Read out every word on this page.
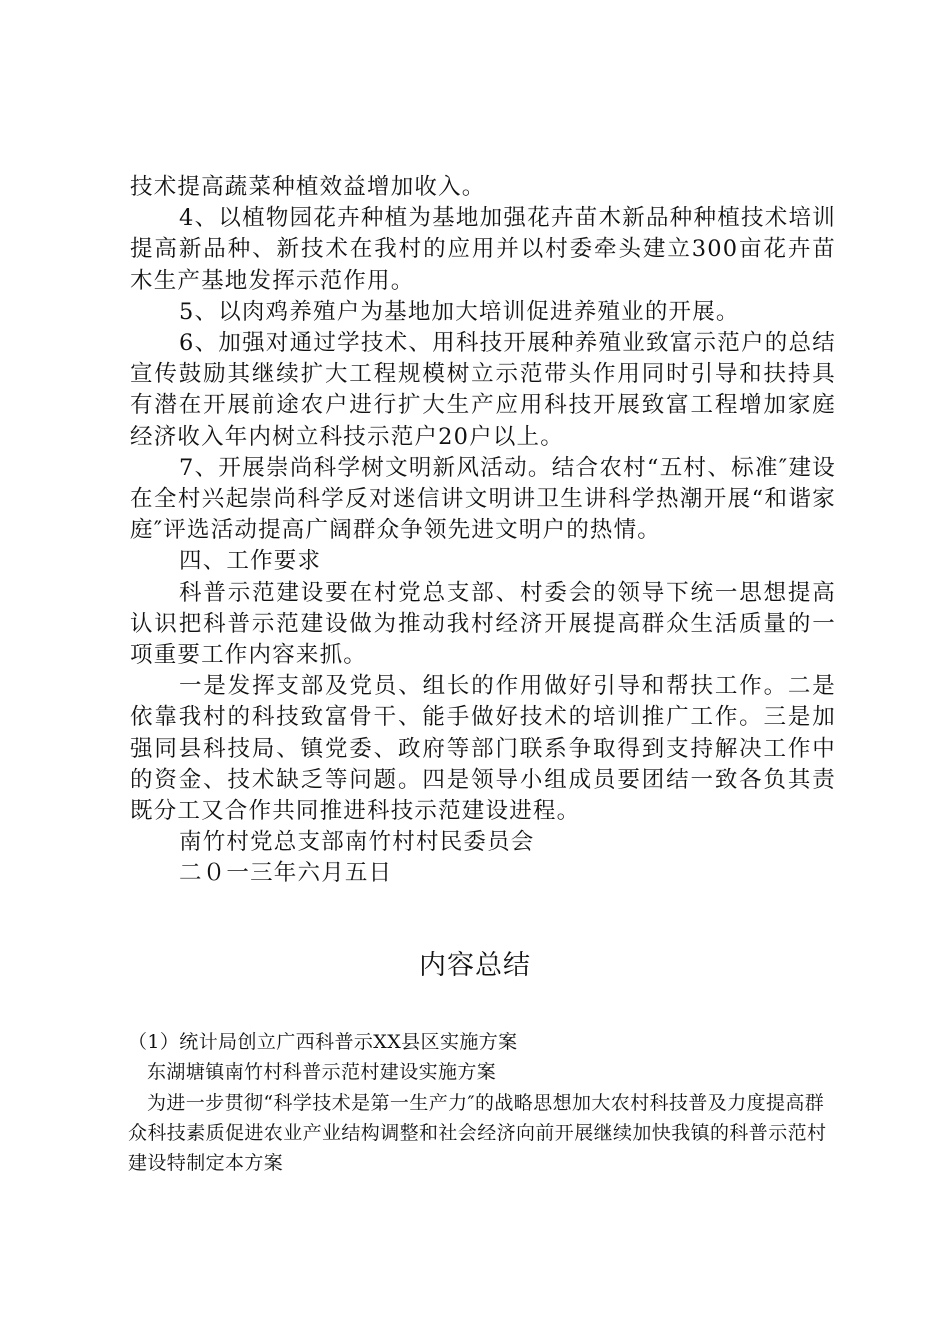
技术提高蔬菜种植效益增加收入。

4、以植物园花卉种植为基地加强花卉苗木新品种种植技术培训提高新品种、新技术在我村的应用并以村委牵头建立300亩花卉苗木生产基地发挥示范作用。

5、以肉鸡养殖户为基地加大培训促进养殖业的开展。

6、加强对通过学技术、用科技开展种养殖业致富示范户的总结宣传鼓励其继续扩大工程规模树立示范带头作用同时引导和扶持具有潜在开展前途农户进行扩大生产应用科技开展致富工程增加家庭经济收入年内树立科技示范户20户以上。

7、开展崇尚科学树文明新风活动。结合农村“五村、标准″建设在全村兴起崇尚科学反对迷信讲文明讲卫生讲科学热潮开展“和谐家庭″评选活动提高广阔群众争领先进文明户的热情。

四、工作要求

科普示范建设要在村党总支部、村委会的领导下统一思想提高认识把科普示范建设做为推动我村经济开展提高群众生活质量的一项重要工作内容来抓。

一是发挥支部及党员、组长的作用做好引导和帮扶工作。二是依靠我村的科技致富骨干、能手做好技术的培训推广工作。三是加强同县科技局、镇党委、政府等部门联系争取得到支持解决工作中的资金、技术缺乏等问题。四是领导小组成员要团结一致各负其责既分工又合作共同推进科技示范建设进程。

南竹村党总支部南竹村村民委员会

二０一三年六月五日

内容总结

（1）统计局创立广西科普示XX县区实施方案

东湖塘镇南竹村科普示范村建设实施方案

为进一步贯彻“科学技术是第一生产力″的战略思想加大农村科技普及力度提高群众科技素质促进农业产业结构调整和社会经济向前开展继续加快我镇的科普示范村建设特制定本方案
